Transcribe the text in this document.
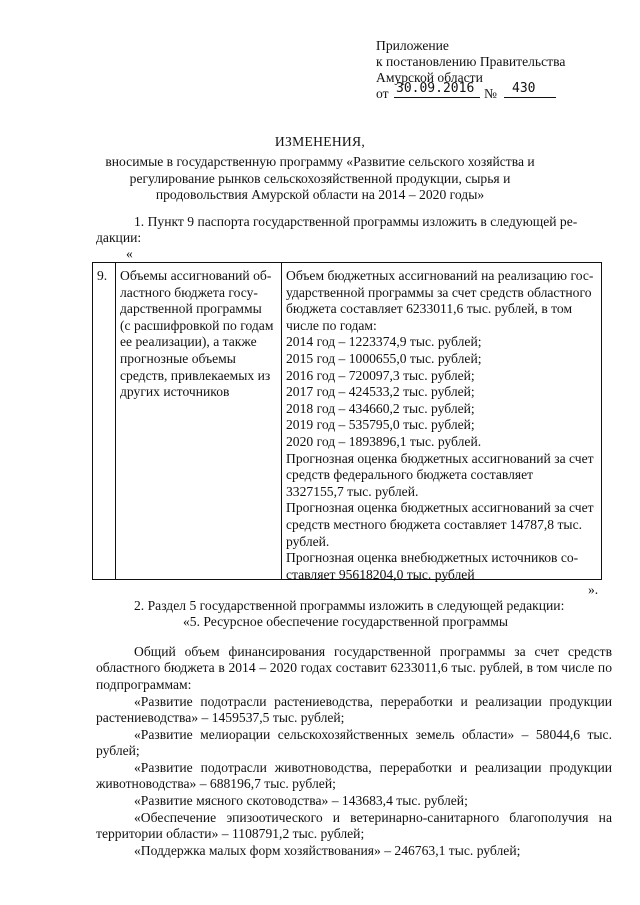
Приложение
к постановлению Правительства
Амурской области
от 30.09.2016 №	430
ИЗМЕНЕНИЯ,
вносимые в государственную программу «Развитие сельского хозяйства и
регулирование рынков сельскохозяйственной продукции, сырья и
продовольствия Амурской области на 2014 – 2020 годы»
1. Пункт 9 паспорта государственной программы изложить в следующей ре-
дакции:
«
9. Объемы ассигнований об-
ластного бюджета госу-
дарственной программы
(с расшифровкой по годам
ее реализации), а также
прогнозные объемы
средств, привлекаемых из
других источников
Объем бюджетных ассигнований на реализацию гос-
ударственной программы за счет средств областного
бюджета составляет 6233011,6 тыс. рублей, в том
числе по годам:
2014 год – 1223374,9 тыс. рублей;
2015 год – 1000655,0 тыс. рублей;
2016 год – 720097,3 тыс. рублей;
2017 год – 424533,2 тыс. рублей;
2018 год – 434660,2 тыс. рублей;
2019 год – 535795,0 тыс. рублей;
2020 год – 1893896,1 тыс. рублей.
Прогнозная оценка бюджетных ассигнований за счет
средств федерального бюджета составляет
3327155,7 тыс. рублей.
Прогнозная оценка бюджетных ассигнований за счет
средств местного бюджета составляет 14787,8 тыс.
рублей.
Прогнозная оценка внебюджетных источников со-
ставляет 95618204,0 тыс. рублей
».
2. Раздел 5 государственной программы изложить в следующей редакции:
«5. Ресурсное обеспечение государственной программы
Общий объем финансирования государственной программы за счет средств областного бюджета в 2014 – 2020 годах составит 6233011,6 тыс. рублей, в том числе по подпрограммам:
«Развитие подотрасли растениеводства, переработки и реализации продукции растениеводства» – 1459537,5 тыс. рублей;
«Развитие мелиорации сельскохозяйственных земель области» – 58044,6 тыс. рублей;
«Развитие подотрасли животноводства, переработки и реализации продукции животноводства» – 688196,7 тыс. рублей;
«Развитие мясного скотоводства» – 143683,4 тыс. рублей;
«Обеспечение эпизоотического и ветеринарно-санитарного благополучия на территории области» – 1108791,2 тыс. рублей;
«Поддержка малых форм хозяйствования» – 246763,1 тыс. рублей;
